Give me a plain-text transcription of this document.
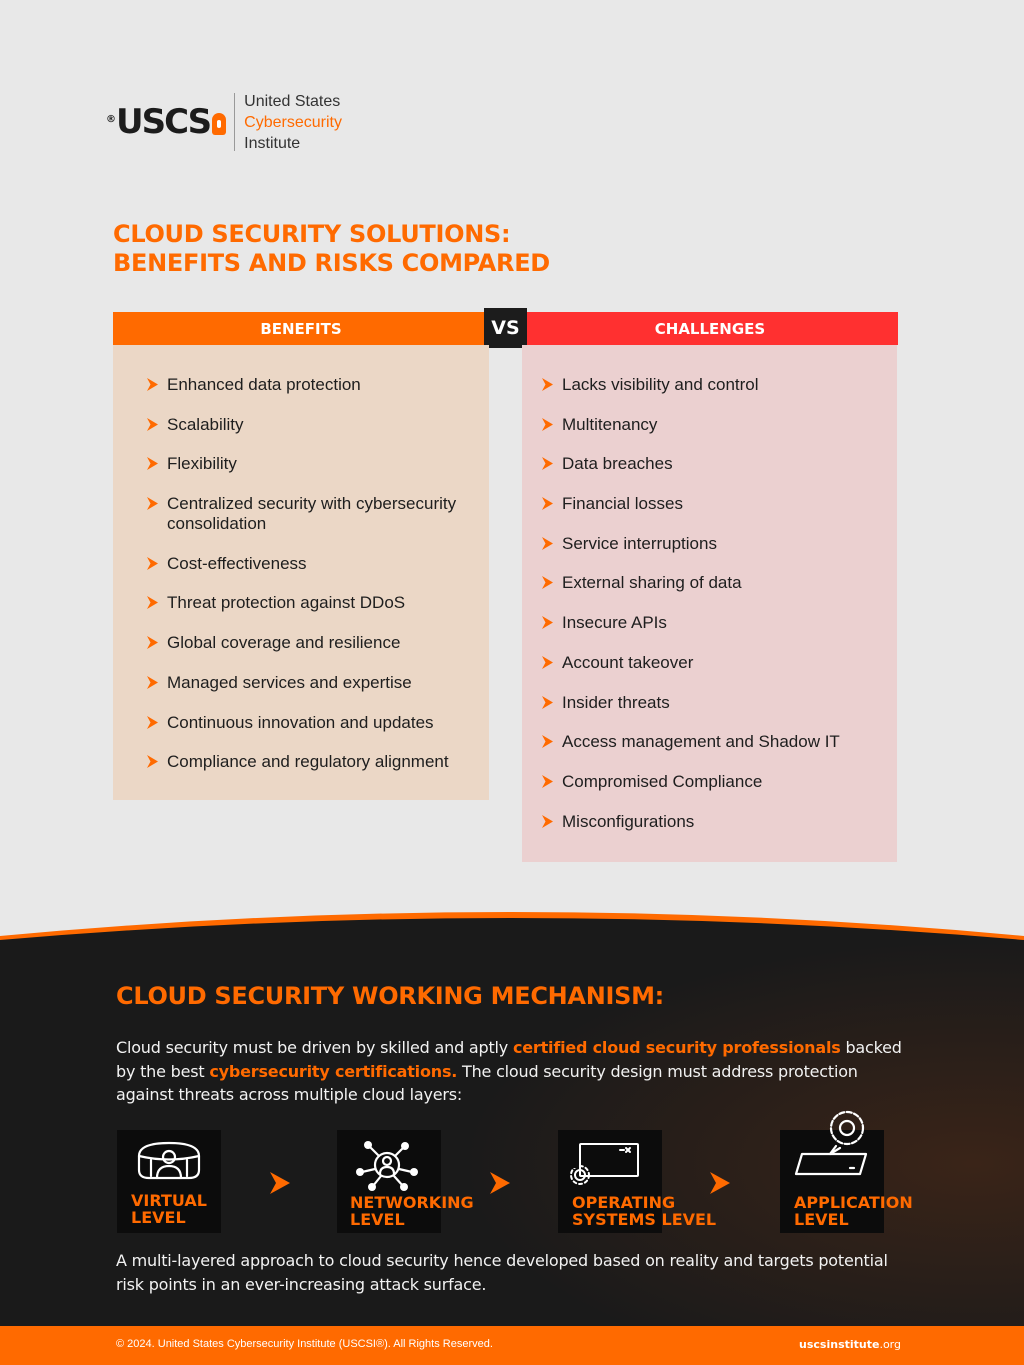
® USCS
United States
Cybersecurity
Institute
CLOUD SECURITY SOLUTIONS:
BENEFITS AND RISKS COMPARED
BENEFITS	CHALLENGES
VS
Enhanced data protection
Scalability
Flexibility
Centralized security with cybersecurity consolidation
Cost-effectiveness
Threat protection against DDoS
Global coverage and resilience
Managed services and expertise
Continuous innovation and updates
Compliance and regulatory alignment
Lacks visibility and control
Multitenancy
Data breaches
Financial losses
Service interruptions
External sharing of data
Insecure APIs
Account takeover
Insider threats
Access management and Shadow IT
Compromised Compliance
Misconfigurations
CLOUD SECURITY WORKING MECHANISM:
Cloud security must be driven by skilled and aptly certified cloud security professionals backed by the best cybersecurity certifications. The cloud security design must address protection against threats across multiple cloud layers:
VIRTUAL
LEVEL
NETWORKING
LEVEL
OPERATING
SYSTEMS LEVEL
APPLICATION
LEVEL
A multi-layered approach to cloud security hence developed based on reality and targets potential risk points in an ever-increasing attack surface.
© 2024. United States Cybersecurity Institute (USCSI®). All Rights Reserved.	uscsinstitute.org
